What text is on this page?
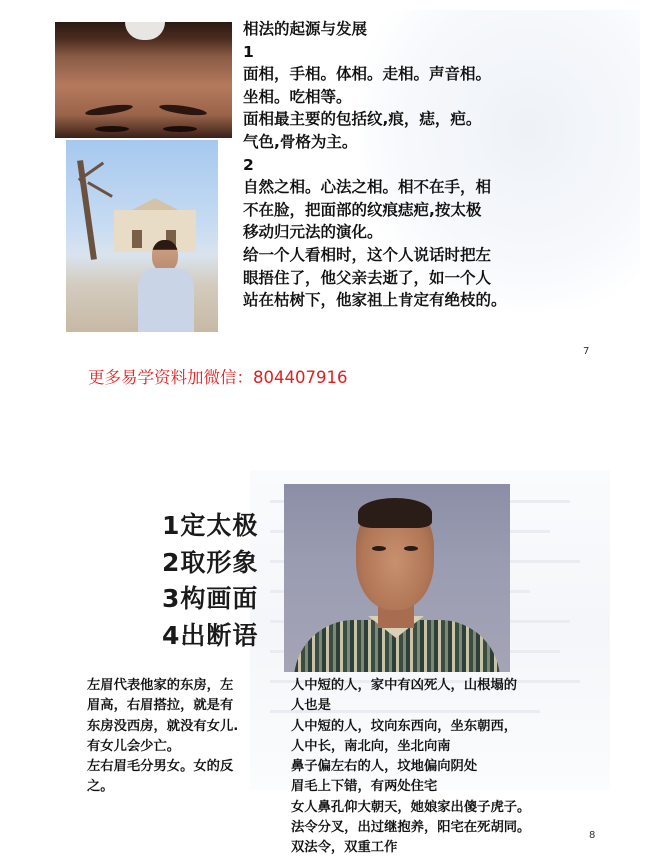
相法的起源与发展
1
面相，手相。体相。走相。声音相。
坐相。吃相等。
面相最主要的包括纹,痕，痣，疤。
气色,骨格为主。
2
自然之相。心法之相。相不在手，相
不在脸，把面部的纹痕痣疤,按太极
移动归元法的演化。
给一个人看相时，这个人说话时把左
眼捂住了，他父亲去逝了，如一个人
站在枯树下，他家祖上肯定有绝枝的。
7
更多易学资料加微信：804407916
1定太极
2取形象
3构画面
4出断语
左眉代表他家的东房，左
眉高，右眉搭拉，就是有
东房没西房，就没有女儿.
有女儿会少亡。
左右眉毛分男女。女的反
之。
人中短的人，家中有凶死人，山根塌的
人也是
人中短的人，坟向东西向，坐东朝西，
人中长，南北向，坐北向南
鼻子偏左右的人，坟地偏向阴处
眉毛上下错，有两处住宅
女人鼻孔仰大朝天，她娘家出傻子虎子。
法令分叉，出过继抱养，阳宅在死胡同。
双法令，双重工作
8
